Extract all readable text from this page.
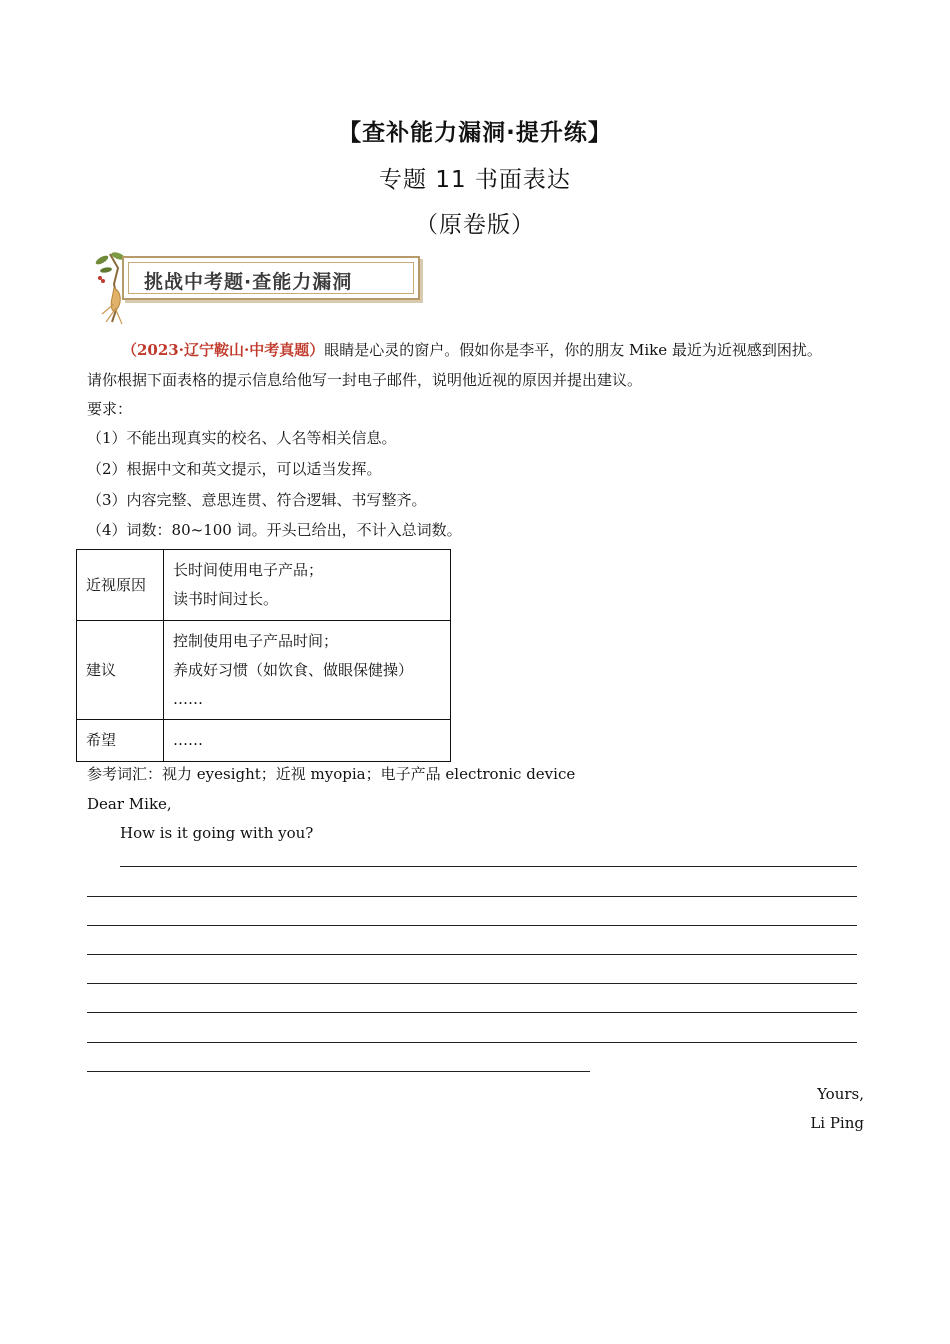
【查补能力漏洞·提升练】
专题 11 书面表达
（原卷版）
挑战中考题·查能力漏洞
（2023·辽宁鞍山·中考真题）眼睛是心灵的窗户。假如你是李平，你的朋友 Mike 最近为近视感到困扰。
请你根据下面表格的提示信息给他写一封电子邮件，说明他近视的原因并提出建议。
要求：
（1）不能出现真实的校名、人名等相关信息。
（2）根据中文和英文提示，可以适当发挥。
（3）内容完整、意思连贯、符合逻辑、书写整齐。
（4）词数：80~100 词。开头已给出，不计入总词数。
近视原因	长时间使用电子产品；
读书时间过长。

建议	控制使用电子产品时间；
养成好习惯（如饮食、做眼保健操）
……

希望	……
参考词汇：视力 eyesight；近视 myopia；电子产品 electronic device
Dear Mike,
How is it going with you?
Yours,
Li Ping
